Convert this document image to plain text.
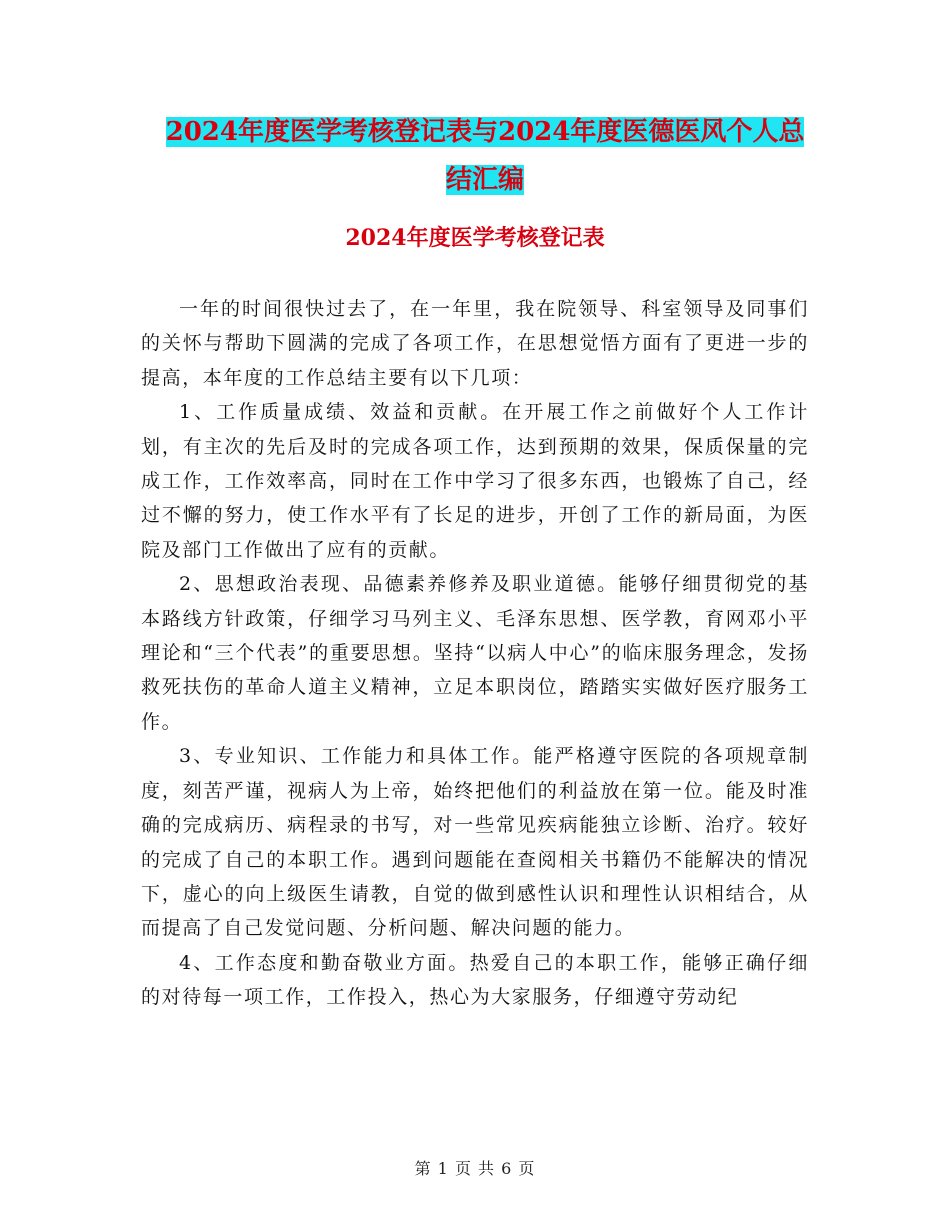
2024年度医学考核登记表与2024年度医德医风个人总
结汇编
2024年度医学考核登记表

一年的时间很快过去了，在一年里，我在院领导、科室领导及同事们的关怀与帮助下圆满的完成了各项工作，在思想觉悟方面有了更进一步的提高，本年度的工作总结主要有以下几项：

1、工作质量成绩、效益和贡献。在开展工作之前做好个人工作计划，有主次的先后及时的完成各项工作，达到预期的效果，保质保量的完成工作，工作效率高，同时在工作中学习了很多东西，也锻炼了自己，经过不懈的努力，使工作水平有了长足的进步，开创了工作的新局面，为医院及部门工作做出了应有的贡献。

2、思想政治表现、品德素养修养及职业道德。能够仔细贯彻党的基本路线方针政策，仔细学习马列主义、毛泽东思想、医学教，育网邓小平理论和“三个代表”的重要思想。坚持“以病人中心”的临床服务理念，发扬救死扶伤的革命人道主义精神，立足本职岗位，踏踏实实做好医疗服务工作。

3、专业知识、工作能力和具体工作。能严格遵守医院的各项规章制度，刻苦严谨，视病人为上帝，始终把他们的利益放在第一位。能及时准确的完成病历、病程录的书写，对一些常见疾病能独立诊断、治疗。较好的完成了自己的本职工作。遇到问题能在查阅相关书籍仍不能解决的情况下，虚心的向上级医生请教，自觉的做到感性认识和理性认识相结合，从而提高了自己发觉问题、分析问题、解决问题的能力。

4、工作态度和勤奋敬业方面。热爱自己的本职工作，能够正确仔细的对待每一项工作，工作投入，热心为大家服务，仔细遵守劳动纪

第 1 页 共 6 页
